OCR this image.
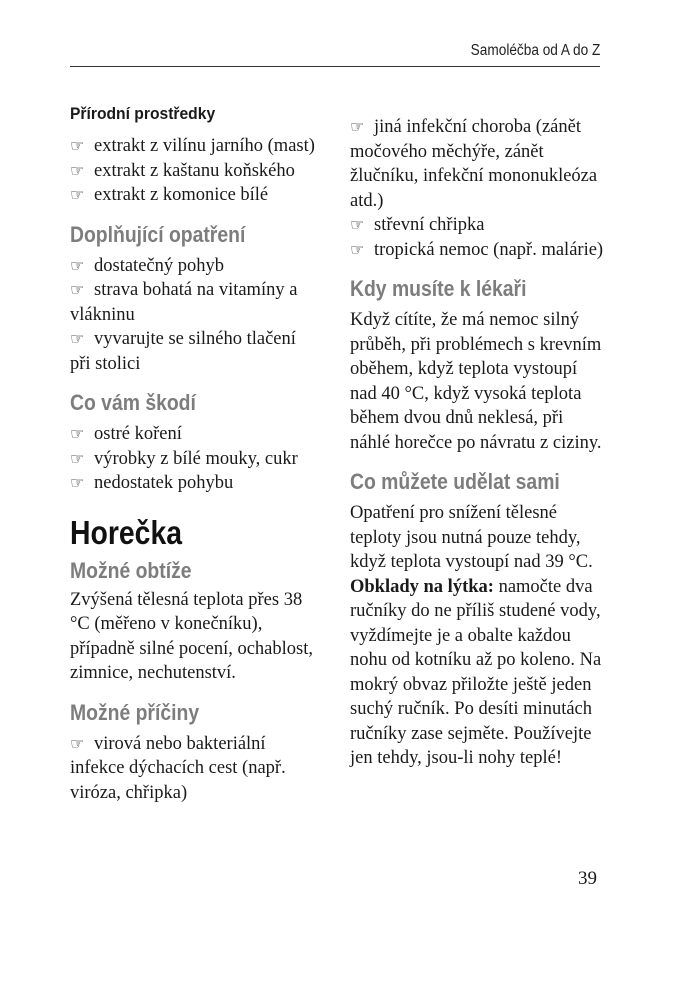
Samoléčba od A do Z
Přírodní prostředky

☞ extrakt z vilínu jarního (mast)

☞ extrakt z kaštanu koňského

☞ extrakt z komonice bílé

Doplňující opatření

☞ dostatečný pohyb

☞ strava bohatá na vitamíny a vlákninu

☞ vyvarujte se silného tlačení při stolici

Co vám škodí

☞ ostré koření

☞ výrobky z bílé mouky, cukr

☞ nedostatek pohybu

Horečka
Možné obtíže

Zvýšená tělesná teplota přes 38 °C (měřeno v konečníku), případně silné pocení, ochablost, zimnice, nechutenství.

Možné příčiny

☞ virová nebo bakteriální infekce dýchacích cest (např. viróza, chřipka)

☞ jiná infekční choroba (zánět močového měchýře, zánět žlučníku, infekční mononukleóza atd.)

☞ střevní chřipka

☞ tropická nemoc (např. malárie)

Kdy musíte k lékaři

Když cítíte, že má nemoc silný průběh, při problémech s krevním oběhem, když teplota vystoupí nad 40 °C, když vysoká teplota během dvou dnů neklesá, při náhlé horečce po návratu z ciziny.

Co můžete udělat sami

Opatření pro snížení tělesné teploty jsou nutná pouze tehdy, když teplota vystoupí nad 39 °C.

Obklady na lýtka: namočte dva ručníky do ne příliš studené vody, vyždímejte je a obalte každou nohu od kotníku až po koleno. Na mokrý obvaz přiložte ještě jeden suchý ručník. Po desíti minutách ručníky zase sejměte. Používejte jen tehdy, jsou-li nohy teplé!

39
